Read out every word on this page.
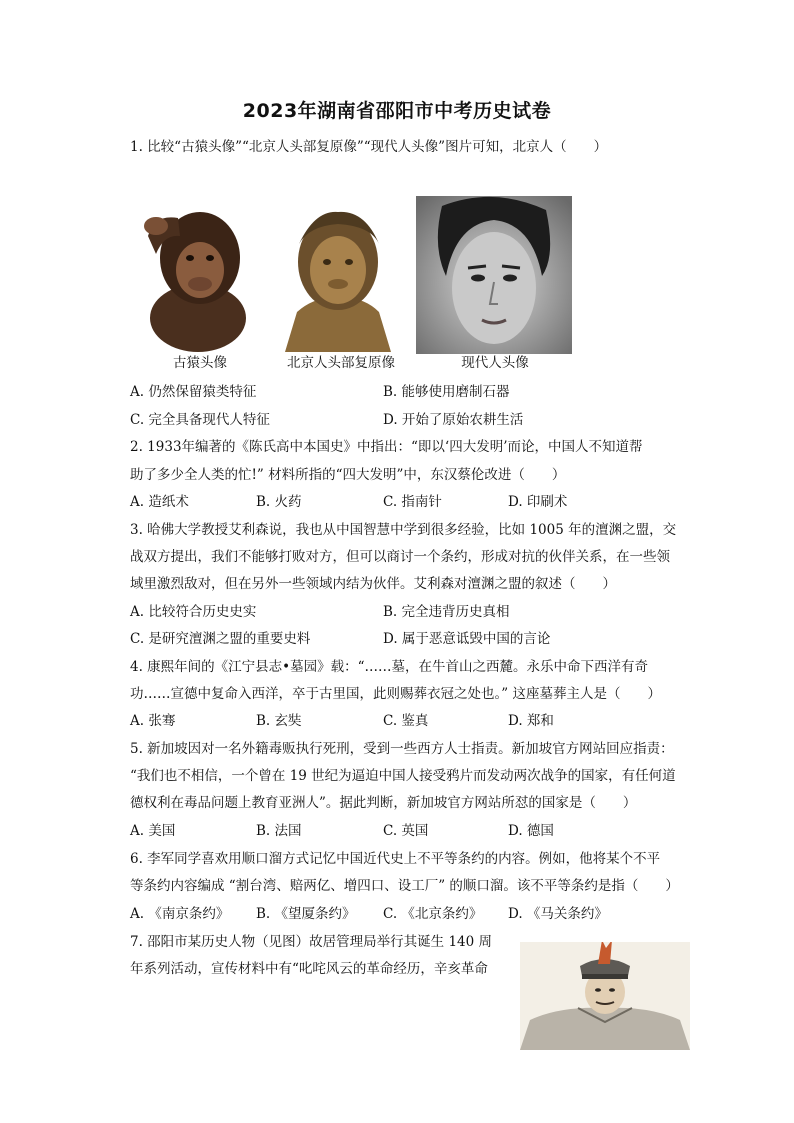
2023年湖南省邵阳市中考历史试卷
1. 比较“古猿头像”“北京人头部复原像”“现代人头像”图片可知，北京人（　　）
古猿头像	北京人头部复原像	现代人头像
A. 仍然保留猿类特征	B. 能够使用磨制石器
C. 完全具备现代人特征	D. 开始了原始农耕生活
2. 1933年编著的《陈氏高中本国史》中指出：“即以‘四大发明’而论，中国人不知道帮
助了多少全人类的忙!” 材料所指的“四大发明”中，东汉蔡伦改进（　　）
A. 造纸术	B. 火药	C. 指南针	D. 印刷术
3. 哈佛大学教授艾利森说，我也从中国智慧中学到很多经验，比如 1005 年的澶渊之盟，交
战双方提出，我们不能够打败对方，但可以商讨一个条约，形成对抗的伙伴关系，在一些领
域里激烈敌对，但在另外一些领域内结为伙伴。艾利森对澶渊之盟的叙述（　　）
A. 比较符合历史史实	B. 完全违背历史真相
C. 是研究澶渊之盟的重要史料	D. 属于恶意诋毁中国的言论
4. 康熙年间的《江宁县志•墓园》载：“……墓，在牛首山之西麓。永乐中命下西洋有奇
功……宣德中复命入西洋，卒于古里国，此则赐葬衣冠之处也。” 这座墓葬主人是（　　）
A. 张骞	B. 玄奘	C. 鉴真	D. 郑和
5. 新加坡因对一名外籍毒贩执行死刑，受到一些西方人士指责。新加坡官方网站回应指责：
“我们也不相信，一个曾在 19 世纪为逼迫中国人接受鸦片而发动两次战争的国家，有任何道
德权利在毒品问题上教育亚洲人”。据此判断，新加坡官方网站所怼的国家是（　　）
A. 美国	B. 法国	C. 英国	D. 德国
6. 李军同学喜欢用顺口溜方式记忆中国近代史上不平等条约的内容。例如，他将某个不平
等条约内容编成 “割台湾、赔两亿、增四口、设工厂” 的顺口溜。该不平等条约是指（　　）
A. 《南京条约》 B. 《望厦条约》 C. 《北京条约》 D. 《马关条约》
7. 邵阳市某历史人物（见图）故居管理局举行其诞生 140 周
年系列活动，宣传材料中有“叱咤风云的革命经历，辛亥革命
